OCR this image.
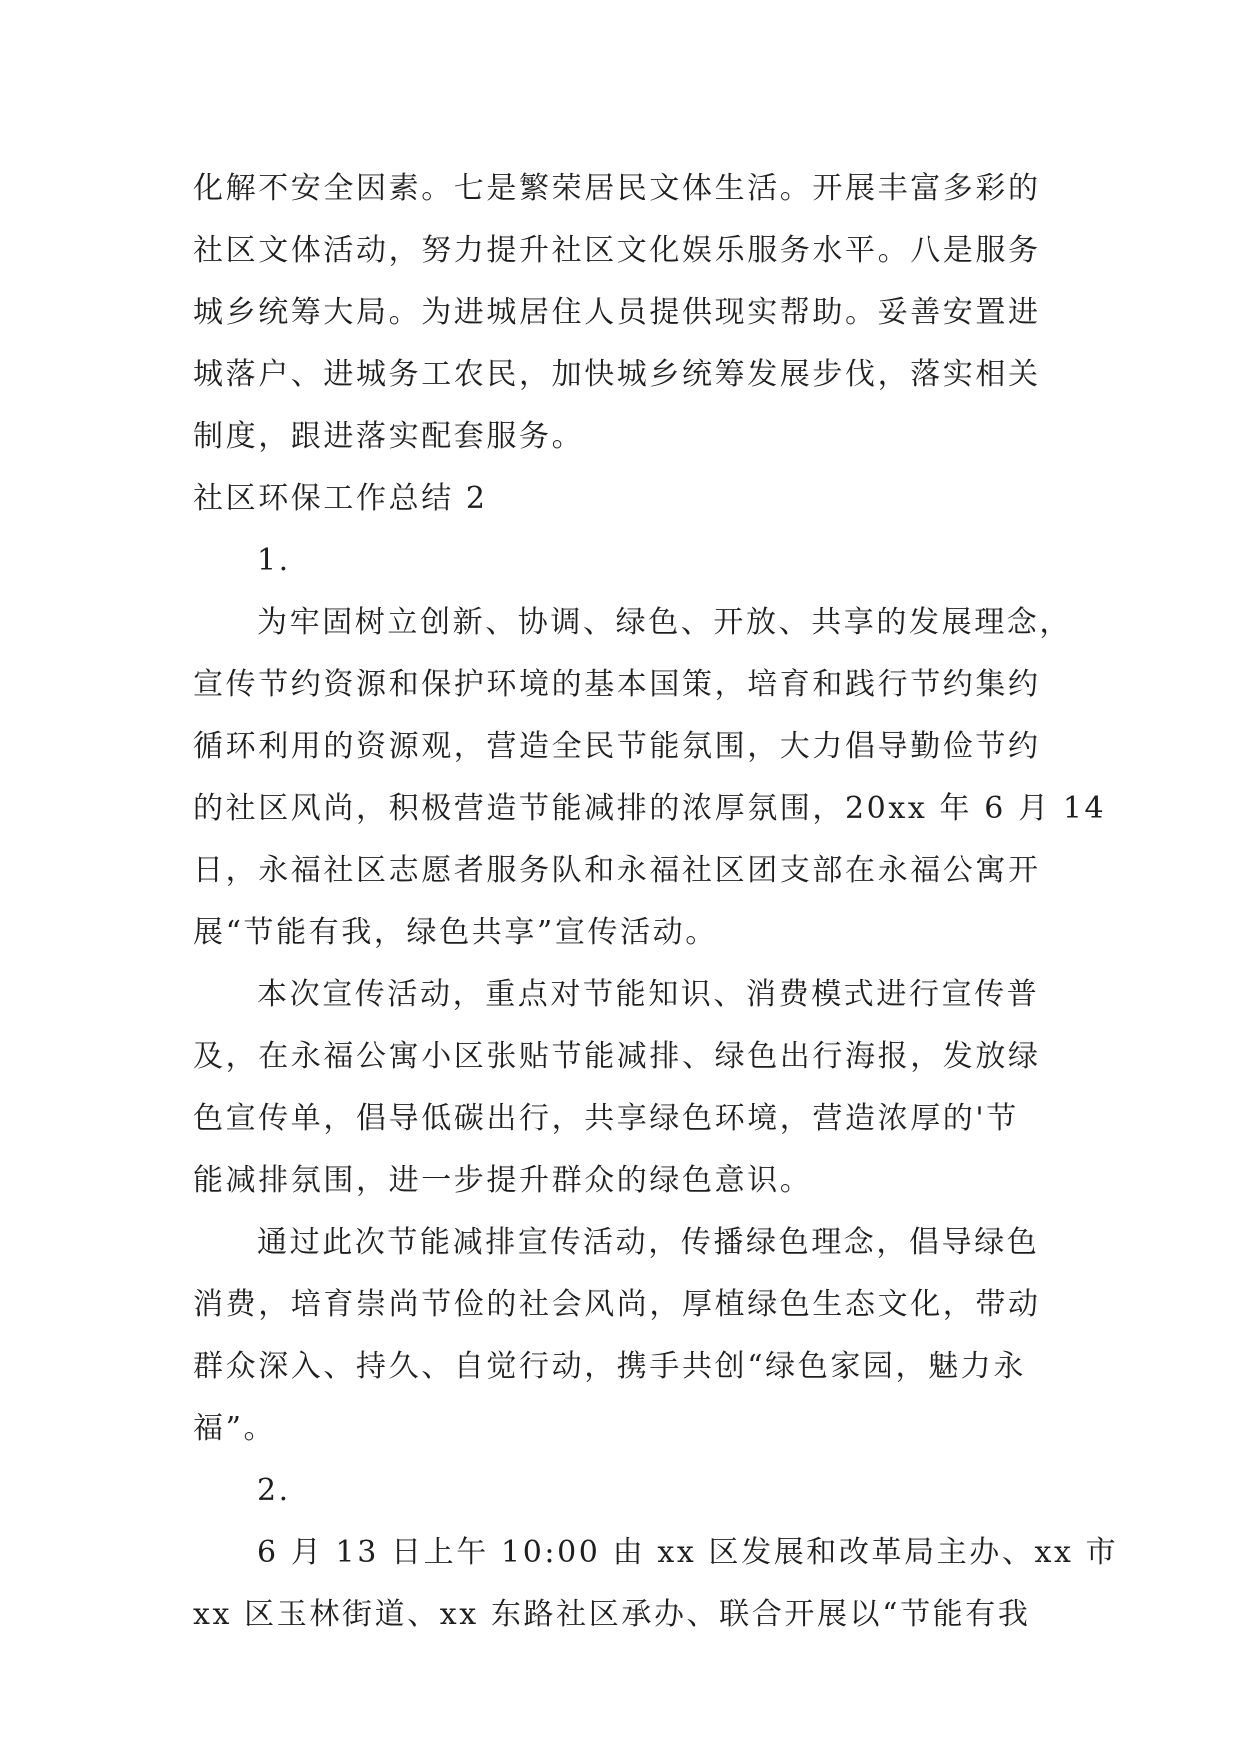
化解不安全因素。七是繁荣居民文体生活。开展丰富多彩的
社区文体活动，努力提升社区文化娱乐服务水平。八是服务
城乡统筹大局。为进城居住人员提供现实帮助。妥善安置进
城落户、进城务工农民，加快城乡统筹发展步伐，落实相关
制度，跟进落实配套服务。
社区环保工作总结 2
1.
为牢固树立创新、协调、绿色、开放、共享的发展理念，
宣传节约资源和保护环境的基本国策，培育和践行节约集约
循环利用的资源观，营造全民节能氛围，大力倡导勤俭节约
的社区风尚，积极营造节能减排的浓厚氛围，20xx 年 6 月 14
日，永福社区志愿者服务队和永福社区团支部在永福公寓开
展“节能有我，绿色共享”宣传活动。
本次宣传活动，重点对节能知识、消费模式进行宣传普
及，在永福公寓小区张贴节能减排、绿色出行海报，发放绿
色宣传单，倡导低碳出行，共享绿色环境，营造浓厚的'节
能减排氛围，进一步提升群众的绿色意识。
通过此次节能减排宣传活动，传播绿色理念，倡导绿色
消费，培育崇尚节俭的社会风尚，厚植绿色生态文化，带动
群众深入、持久、自觉行动，携手共创“绿色家园，魅力永
福”。
2.
6 月 13 日上午 10:00 由 xx 区发展和改革局主办、xx 市
xx 区玉林街道、xx 东路社区承办、联合开展以“节能有我
